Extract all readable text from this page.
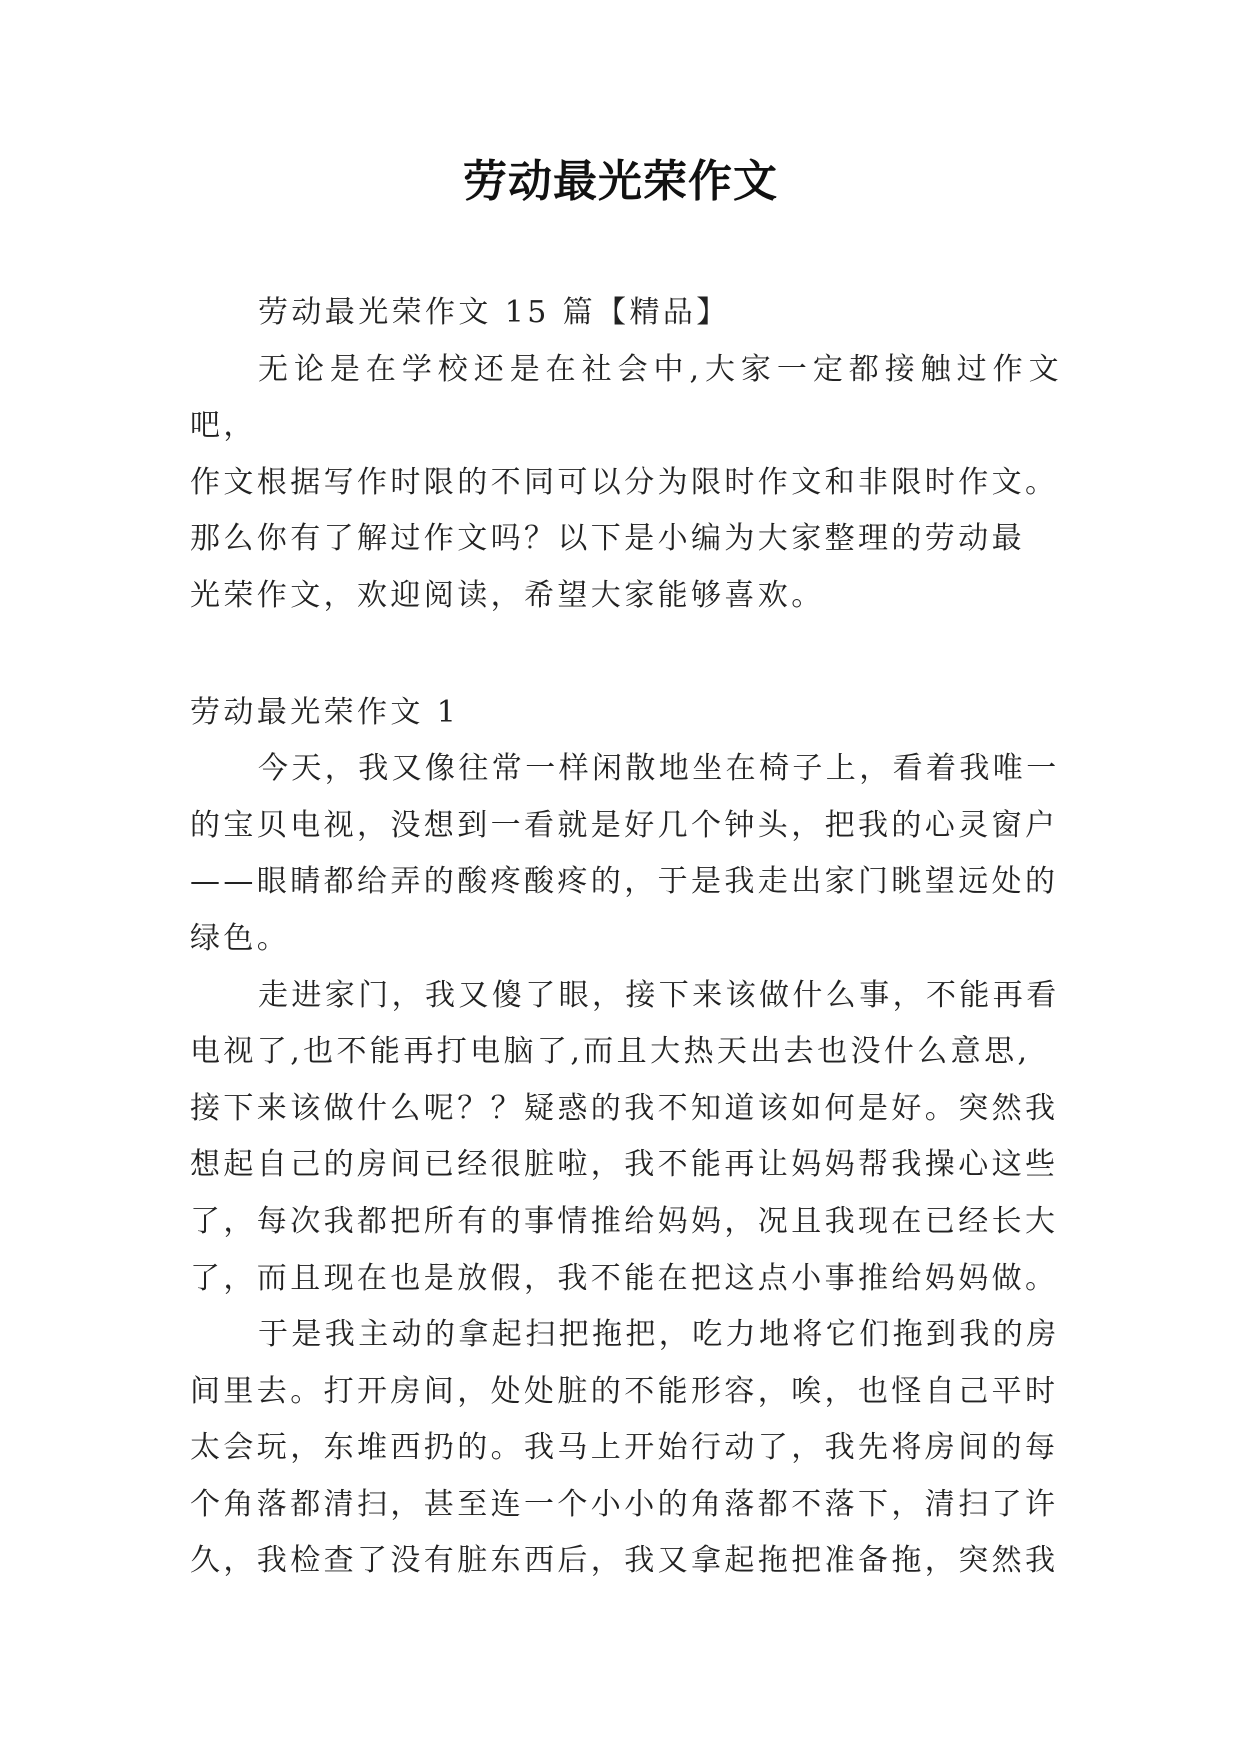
劳动最光荣作文

劳动最光荣作文 15 篇【精品】

无论是在学校还是在社会中,大家一定都接触过作文吧，
作文根据写作时限的不同可以分为限时作文和非限时作文。
那么你有了解过作文吗？以下是小编为大家整理的劳动最
光荣作文，欢迎阅读，希望大家能够喜欢。

劳动最光荣作文 1

今天，我又像往常一样闲散地坐在椅子上，看着我唯一
的宝贝电视，没想到一看就是好几个钟头，把我的心灵窗户
——眼睛都给弄的酸疼酸疼的，于是我走出家门眺望远处的
绿色。

走进家门，我又傻了眼，接下来该做什么事，不能再看
电视了,也不能再打电脑了,而且大热天出去也没什么意思,
接下来该做什么呢？？疑惑的我不知道该如何是好。突然我
想起自己的房间已经很脏啦，我不能再让妈妈帮我操心这些
了，每次我都把所有的事情推给妈妈，况且我现在已经长大
了，而且现在也是放假，我不能在把这点小事推给妈妈做。

于是我主动的拿起扫把拖把，吃力地将它们拖到我的房
间里去。打开房间，处处脏的不能形容，唉，也怪自己平时
太会玩，东堆西扔的。我马上开始行动了，我先将房间的每
个角落都清扫，甚至连一个小小的角落都不落下，清扫了许
久，我检查了没有脏东西后，我又拿起拖把准备拖，突然我
